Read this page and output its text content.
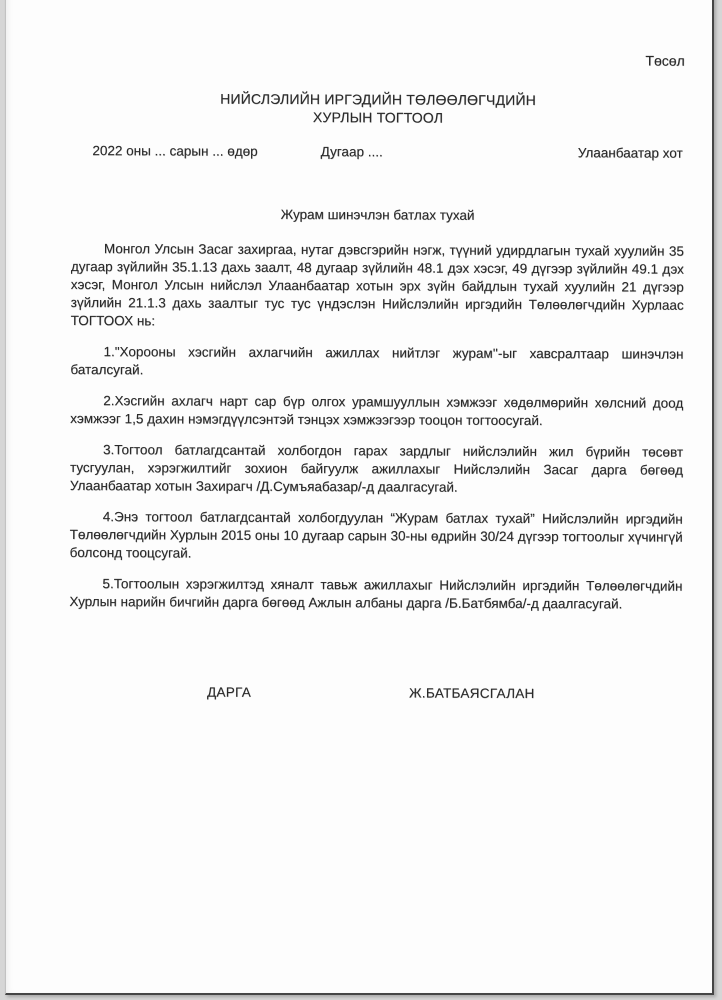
Төсөл
НИЙСЛЭЛИЙН ИРГЭДИЙН ТӨЛӨӨЛӨГЧДИЙН
ХУРЛЫН ТОГТООЛ
2022 оны ... сарын ... өдөр	Дугаар ....	Улаанбаатар хот
Журам шинэчлэн батлах тухай

Монгол Улсын Засаг захиргаа, нутаг дэвсгэрийн нэгж, түүний удирдлагын тухай хуулийн 35 дугаар зүйлийн 35.1.13 дахь заалт, 48 дугаар зүйлийн 48.1 дэх хэсэг, 49 дүгээр зүйлийн 49.1 дэх хэсэг, Монгол Улсын нийслэл Улаанбаатар хотын эрх зүйн байдлын тухай хуулийн 21 дүгээр зүйлийн 21.1.3 дахь заалтыг тус тус үндэслэн Нийслэлийн иргэдийн Төлөөлөгчдийн Хурлаас ТОГТООХ нь:

1."Хорооны хэсгийн ахлагчийн ажиллах нийтлэг журам''-ыг хавсралтаар шинэчлэн баталсугай.

2.Хэсгийн ахлагч нарт сар бүр олгох урамшууллын хэмжээг хөдөлмөрийн хөлсний доод хэмжээг 1,5 дахин нэмэгдүүлсэнтэй тэнцэх хэмжээгээр тооцон тогтоосугай.

3.Тогтоол батлагдсантай холбогдон гарах зардлыг нийслэлийн жил бүрийн төсөвт тусгуулан, хэрэгжилтийг зохион байгуулж ажиллахыг Нийслэлийн Засаг дарга бөгөөд Улаанбаатар хотын Захирагч /Д.Сумъяабазар/-д даалгасугай.

4.Энэ тогтоол батлагдсантай холбогдуулан “Журам батлах тухай” Нийслэлийн иргэдийн Төлөөлөгчдийн Хурлын 2015 оны 10 дугаар сарын 30-ны өдрийн 30/24 дүгээр тогтоолыг хүчингүй болсонд тооцсугай.

5.Тогтоолын хэрэгжилтэд хяналт тавьж ажиллахыг Нийслэлийн иргэдийн Төлөөлөгчдийн Хурлын нарийн бичгийн дарга бөгөөд Ажлын албаны дарга /Б.Батбямба/-д даалгасугай.

ДАРГА	Ж.БАТБАЯСГАЛАН
